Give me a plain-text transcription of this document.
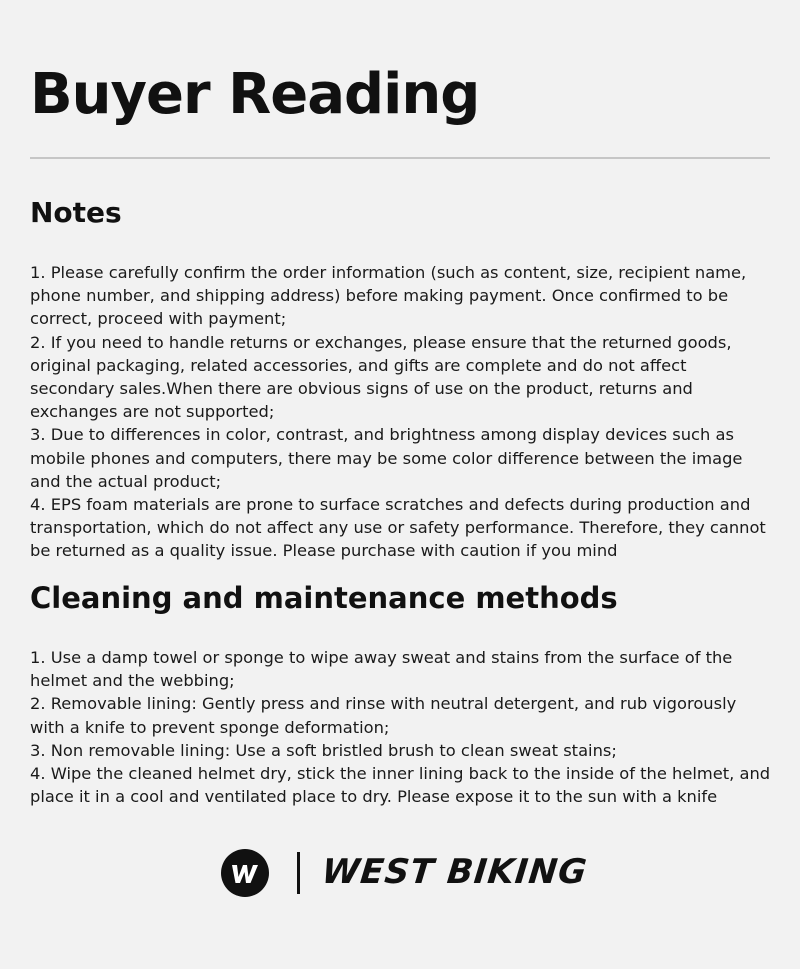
Buyer Reading
Notes
1. Please carefully confirm the order information (such as content, size, recipient name, phone number, and shipping address) before making payment. Once confirmed to be correct, proceed with payment;
2. If you need to handle returns or exchanges, please ensure that the returned goods, original packaging, related accessories, and gifts are complete and do not affect secondary sales.When there are obvious signs of use on the product, returns and exchanges are not supported;
3. Due to differences in color, contrast, and brightness among display devices such as mobile phones and computers, there may be some color difference between the image and the actual product;
4. EPS foam materials are prone to surface scratches and defects during production and transportation, which do not affect any use or safety performance. Therefore, they cannot be returned as a quality issue. Please purchase with caution if you mind
Cleaning and maintenance methods
1. Use a damp towel or sponge to wipe away sweat and stains from the surface of the helmet and the webbing;
2. Removable lining: Gently press and rinse with neutral detergent, and rub vigorously with a knife to prevent sponge deformation;
3. Non removable lining: Use a soft bristled brush to clean sweat stains;
4. Wipe the cleaned helmet dry, stick the inner lining back to the inside of the helmet, and place it in a cool and ventilated place to dry. Please expose it to the sun with a knife
WEST BIKING
